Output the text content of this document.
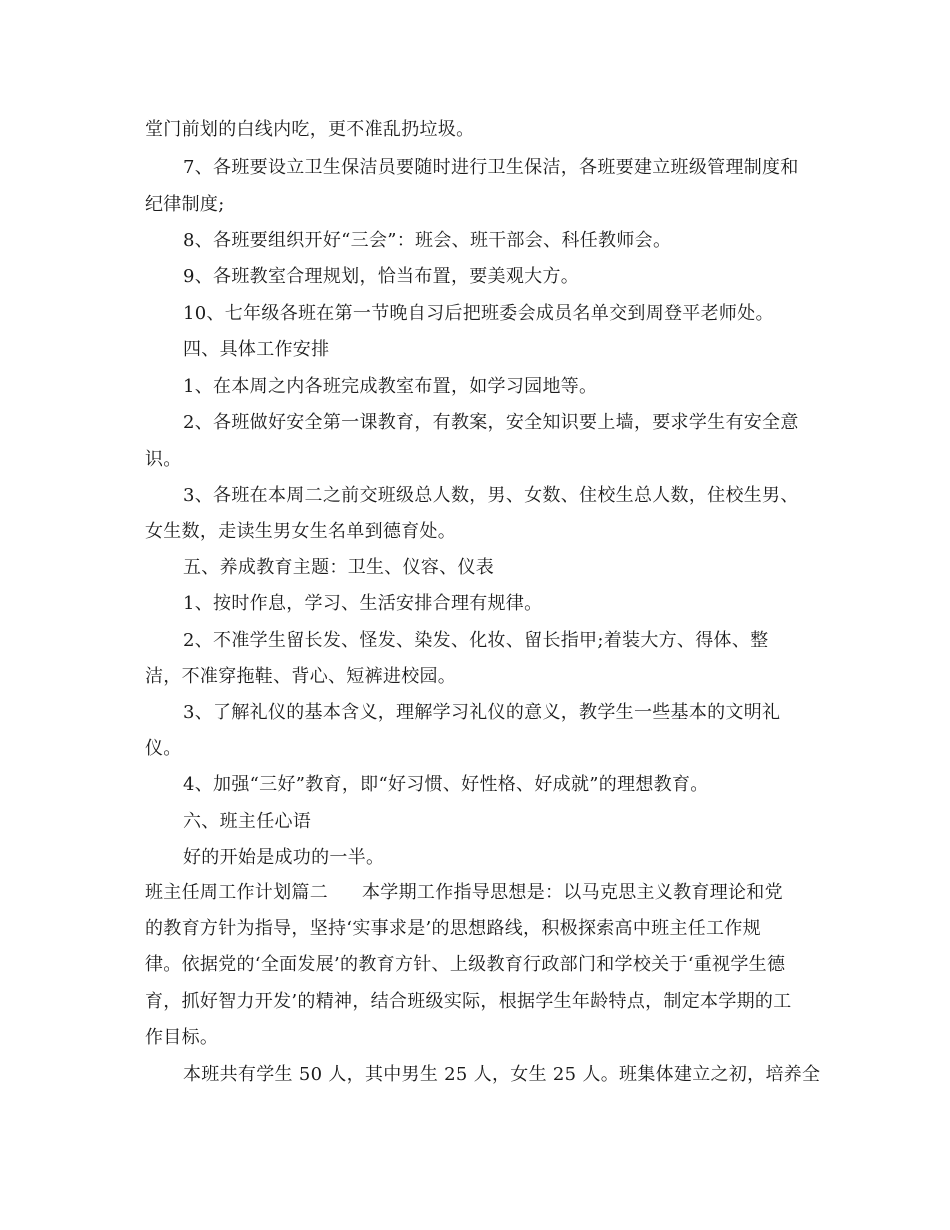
堂门前划的白线内吃，更不准乱扔垃圾。
7、各班要设立卫生保洁员要随时进行卫生保洁，各班要建立班级管理制度和
纪律制度;
8、各班要组织开好“三会”：班会、班干部会、科任教师会。
9、各班教室合理规划，恰当布置，要美观大方。
10、七年级各班在第一节晚自习后把班委会成员名单交到周登平老师处。
四、具体工作安排
1、在本周之内各班完成教室布置，如学习园地等。
2、各班做好安全第一课教育，有教案，安全知识要上墙，要求学生有安全意
识。
3、各班在本周二之前交班级总人数，男、女数、住校生总人数，住校生男、
女生数，走读生男女生名单到德育处。
五、养成教育主题：卫生、仪容、仪表
1、按时作息，学习、生活安排合理有规律。
2、不准学生留长发、怪发、染发、化妆、留长指甲;着装大方、得体、整
洁，不准穿拖鞋、背心、短裤进校园。
3、了解礼仪的基本含义，理解学习礼仪的意义，教学生一些基本的文明礼
仪。
4、加强“三好”教育，即“好习惯、好性格、好成就”的理想教育。
六、班主任心语
好的开始是成功的一半。
班主任周工作计划篇二 本学期工作指导思想是：以马克思主义教育理论和党
的教育方针为指导，坚持‘实事求是’的思想路线，积极探索高中班主任工作规
律。依据党的‘全面发展’的教育方针、上级教育行政部门和学校关于‘重视学生德
育，抓好智力开发’的精神，结合班级实际，根据学生年龄特点，制定本学期的工
作目标。
本班共有学生 50 人，其中男生 25 人，女生 25 人。班集体建立之初，培养全
